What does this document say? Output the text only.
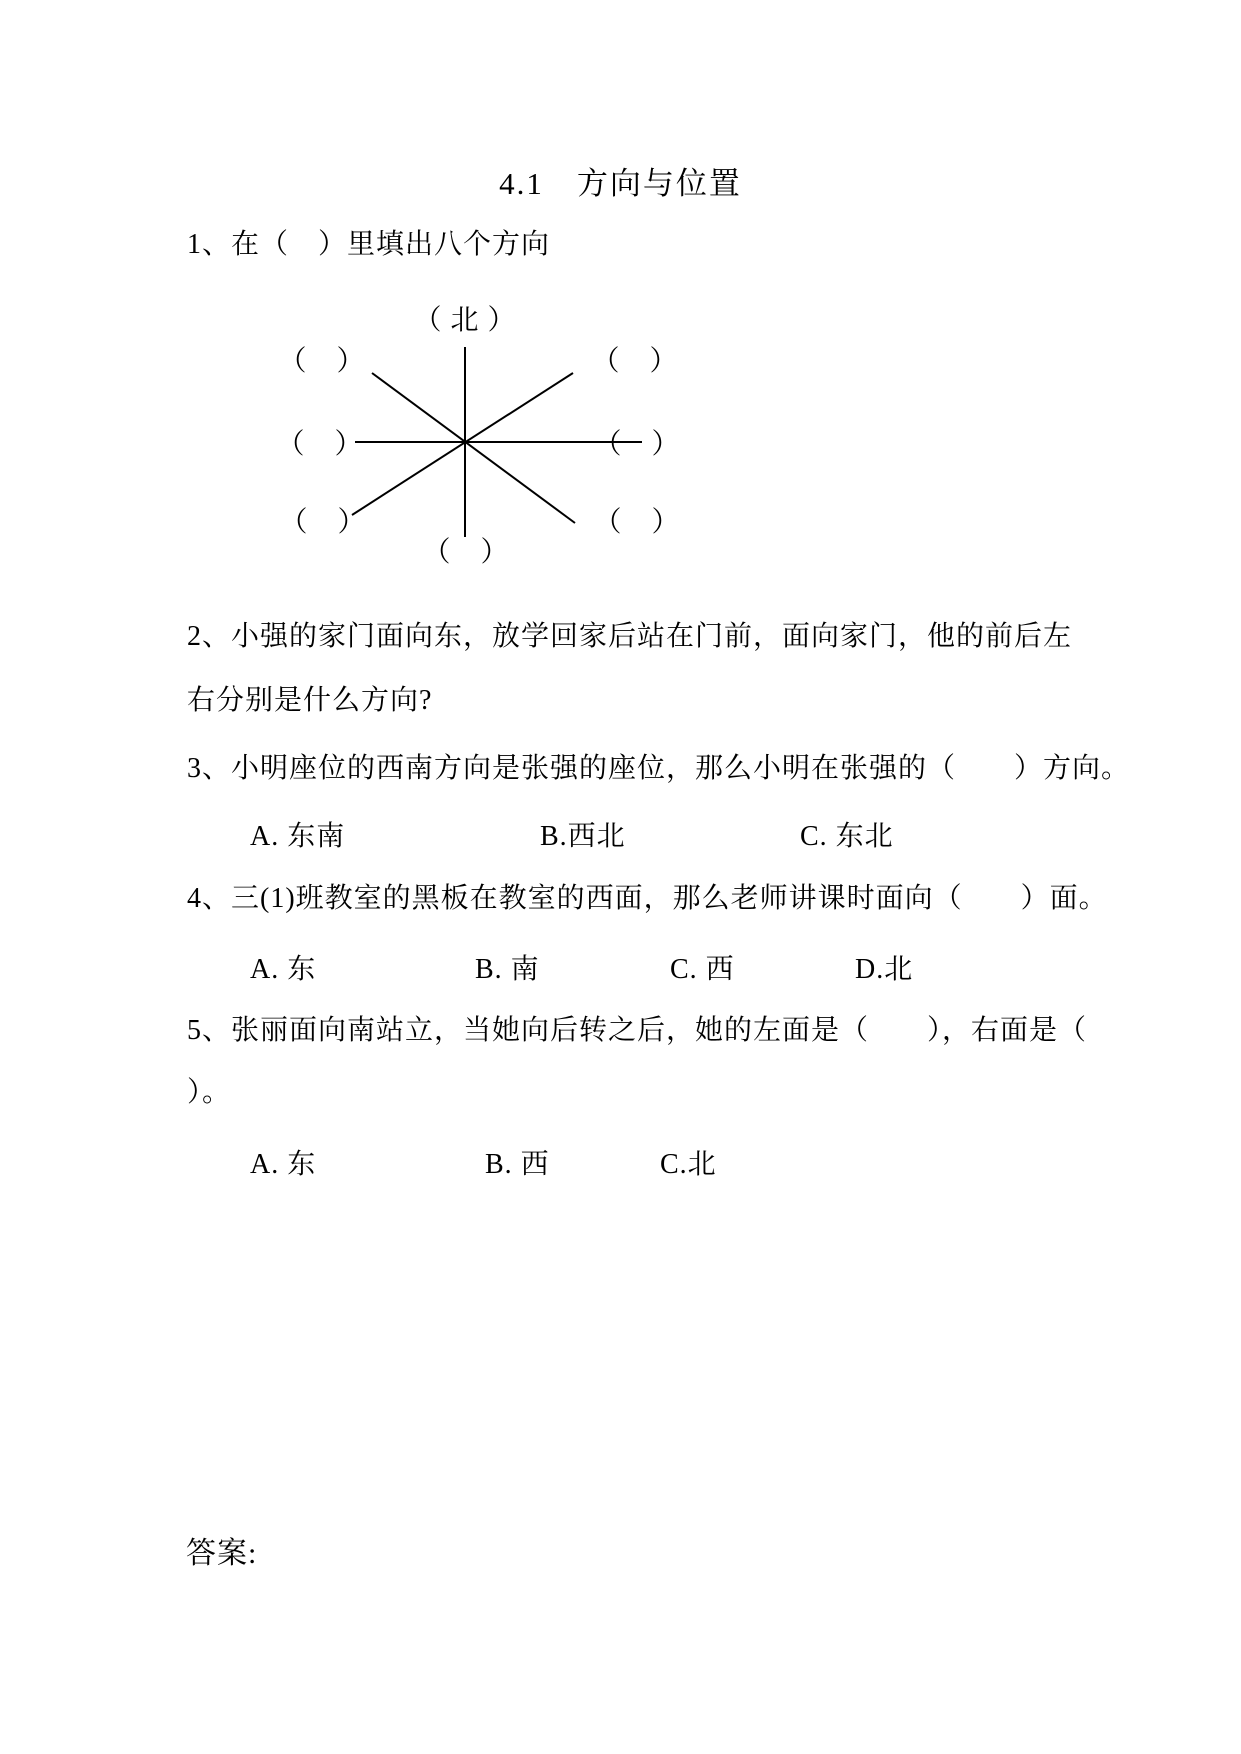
4.1　方向与位置
1、在（　）里填出八个方向
（ 北 ）
（　）	（　）
（　）	（　）
（　）	（　）
（　）
2、小强的家门面向东，放学回家后站在门前，面向家门，他的前后左
右分别是什么方向?
3、小明座位的西南方向是张强的座位，那么小明在张强的（　　）方向。
A. 东南	B.西北	C. 东北
4、三(1)班教室的黑板在教室的西面，那么老师讲课时面向（　　）面。
A. 东	B. 南	C. 西	D.北
5、张丽面向南站立，当她向后转之后，她的左面是（　　），右面是（
）。
A. 东	B. 西	C.北
答案:
